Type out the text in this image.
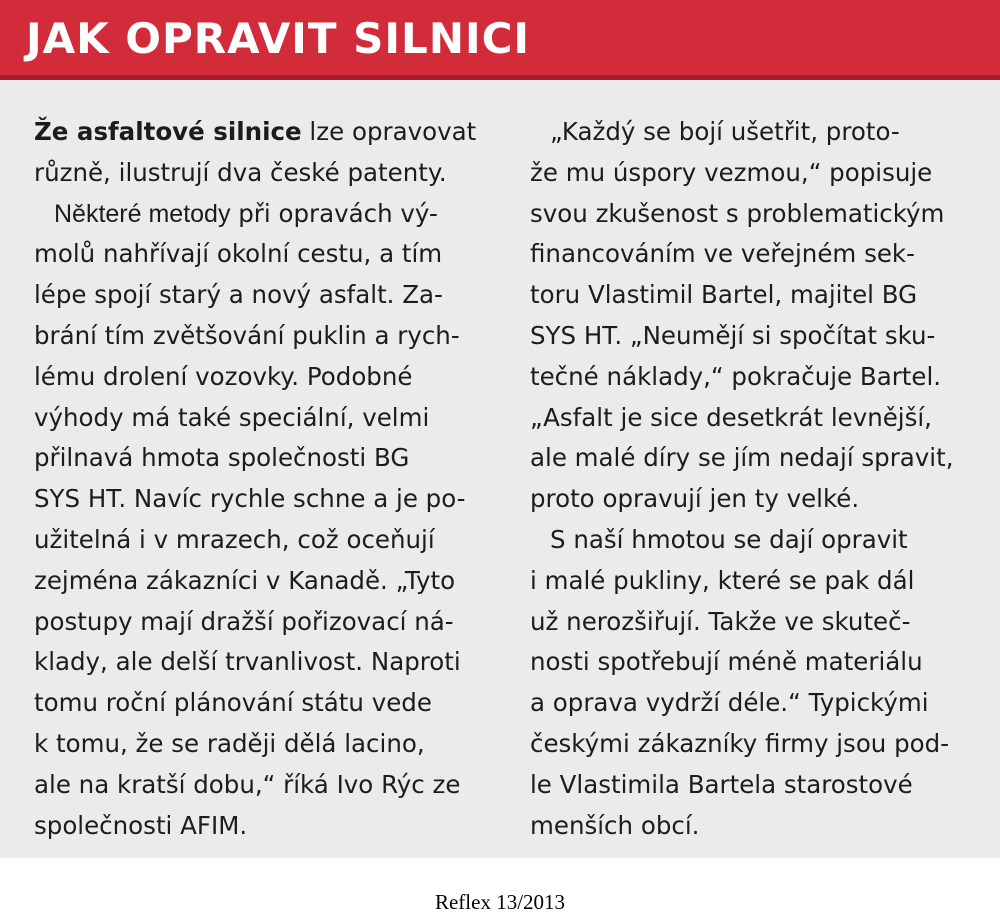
JAK OPRAVIT SILNICI
Že asfaltové silnice lze opravovat
různě, ilustrují dva české patenty.
Některé metody při opravách vý-
molů nahřívají okolní cestu, a tím
lépe spojí starý a nový asfalt. Za-
brání tím zvětšování puklin a rych-
lému drolení vozovky. Podobné
výhody má také speciální, velmi
přilnavá hmota společnosti BG
SYS HT. Navíc rychle schne a je po-
užitelná i v mrazech, což oceňují
zejména zákazníci v Kanadě. „Tyto
postupy mají dražší pořizovací ná-
klady, ale delší trvanlivost. Naproti
tomu roční plánování státu vede
k tomu, že se raději dělá lacino,
ale na kratší dobu,“ říká Ivo Rýc ze
společnosti AFIM.
„Každý se bojí ušetřit, proto-
že mu úspory vezmou,“ popisuje
svou zkušenost s problematickým
financováním ve veřejném sek-
toru Vlastimil Bartel, majitel BG
SYS HT. „Neumějí si spočítat sku-
tečné náklady,“ pokračuje Bartel.
„Asfalt je sice desetkrát levnější,
ale malé díry se jím nedají spravit,
proto opravují jen ty velké.
S naší hmotou se dají opravit
i malé pukliny, které se pak dál
už nerozšiřují. Takže ve skuteč-
nosti spotřebují méně materiálu
a oprava vydrží déle.“ Typickými
českými zákazníky firmy jsou pod-
le Vlastimila Bartela starostové
menších obcí.
Reflex 13/2013
